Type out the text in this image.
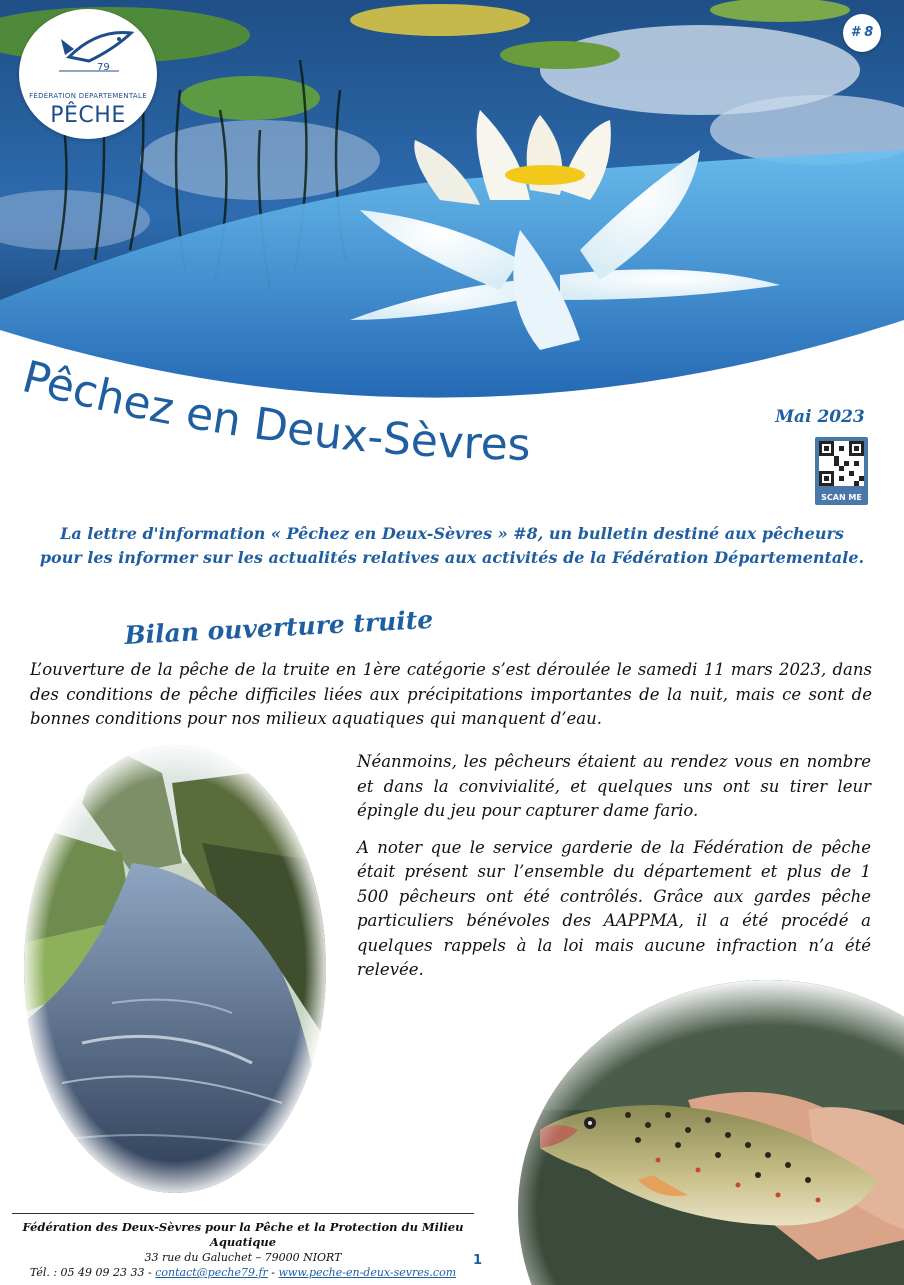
79
FÉDÉRATION DÉPARTEMENTALE
PÊCHE
# 8
Pêchez en Deux-Sèvres
Mai 2023
SCAN ME
La lettre d'information « Pêchez en Deux-Sèvres » #8, un bulletin destiné aux pêcheurs
pour les informer sur les actualités relatives aux activités de la Fédération Départementale.
Bilan ouverture truite
L’ouverture de la pêche de la truite en 1ère catégorie s’est déroulée le samedi 11 mars 2023, dans des conditions de pêche difficiles liées aux précipitations importantes de la nuit, mais ce sont de bonnes conditions pour nos milieux aquatiques qui manquent d’eau.

Néanmoins, les pêcheurs étaient au rendez vous en nombre et dans la convivialité, et quelques uns ont su tirer leur épingle du jeu pour capturer dame fario.

A noter que le service garderie de la Fédération de pêche était présent sur l’ensemble du département et plus de 1 500 pêcheurs ont été contrôlés. Grâce aux gardes pêche particuliers bénévoles des AAPPMA, il a été procédé a quelques rappels à la loi mais aucune infraction n’a été relevée.

Fédération des Deux-Sèvres pour la Pêche et la Protection du Milieu Aquatique
33 rue du Galuchet – 79000 NIORT
Tél. : 05 49 09 23 33 - contact@peche79.fr - www.peche-en-deux-sevres.com
1
